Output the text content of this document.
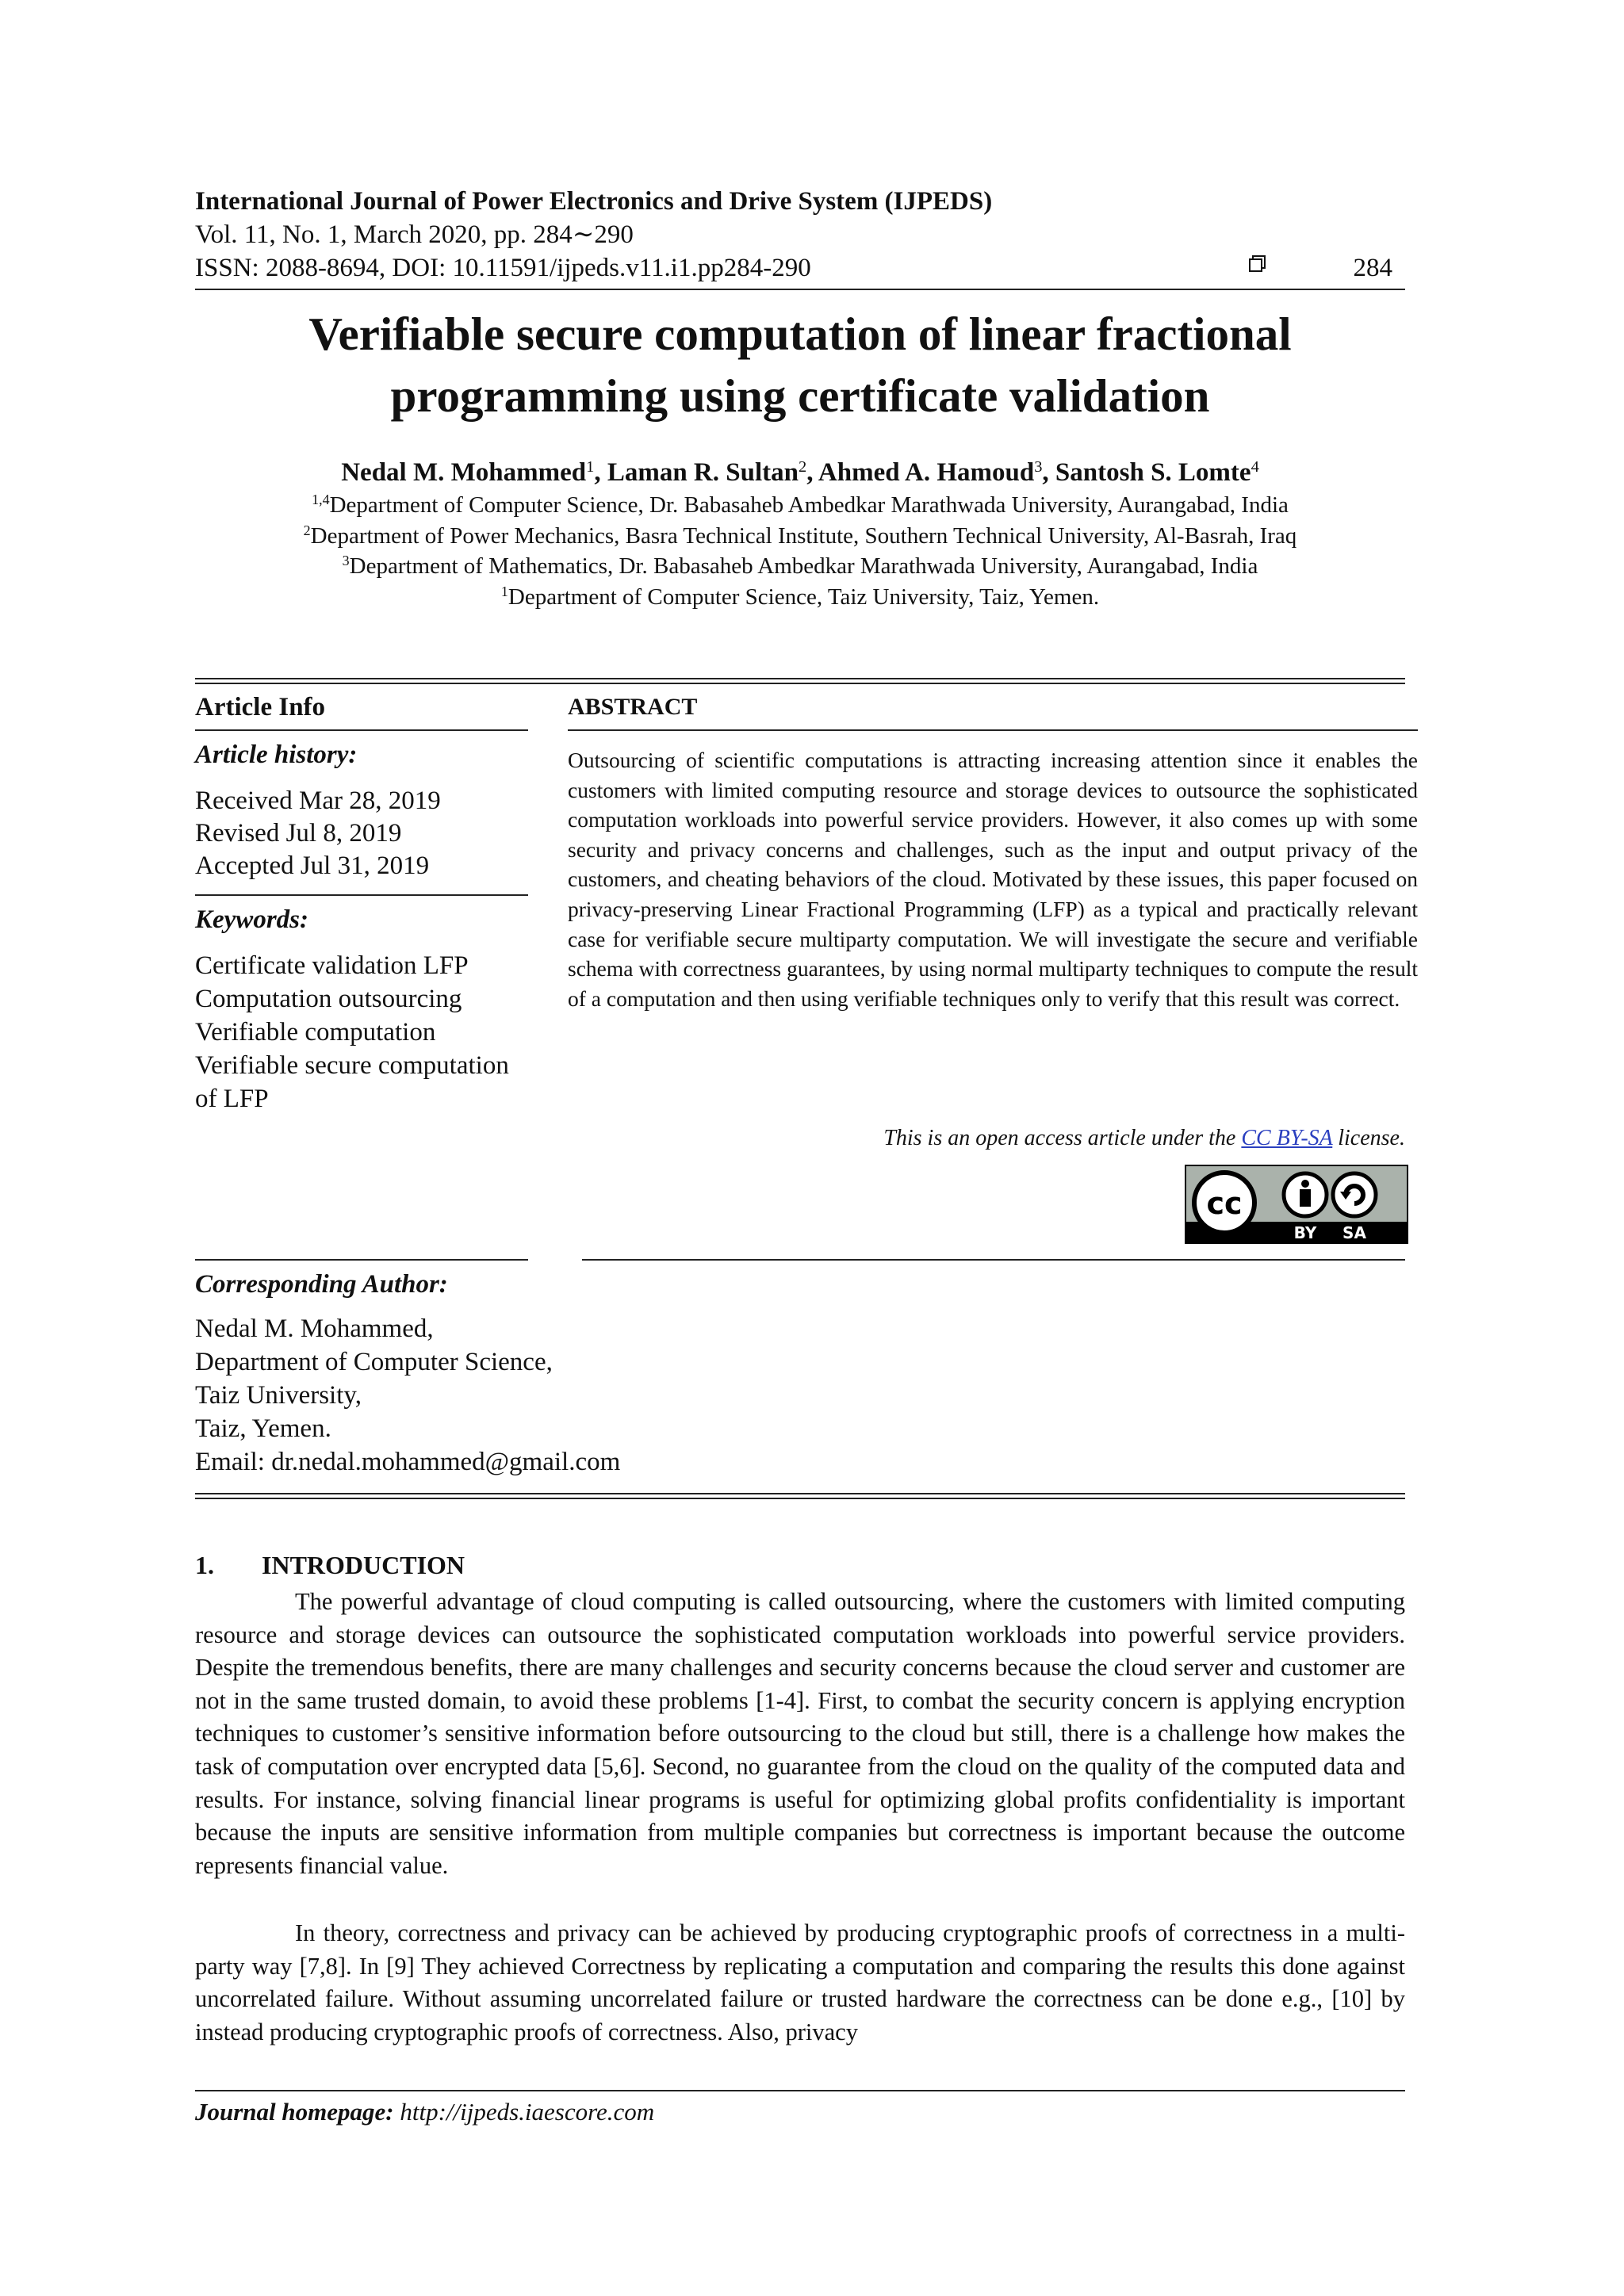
International Journal of Power Electronics and Drive System (IJPEDS)
Vol. 11, No. 1, March 2020, pp. 284∼290
ISSN: 2088-8694, DOI: 10.11591/ijpeds.v11.i1.pp284-290	284
Verifiable secure computation of linear fractional
programming using certificate validation
Nedal M. Mohammed$^1$, Laman R. Sultan$^2$, Ahmed A. Hamoud$^3$, Santosh S. Lomte$^4$
$^{1,4}$Department of Computer Science, Dr. Babasaheb Ambedkar Marathwada University, Aurangabad, India
$^2$Department of Power Mechanics, Basra Technical Institute, Southern Technical University, Al-Basrah, Iraq
$^3$Department of Mathematics, Dr. Babasaheb Ambedkar Marathwada University, Aurangabad, India
$^1$Department of Computer Science, Taiz University, Taiz, Yemen.
Article Info
Article history:
Received Mar 28, 2019
Revised Jul 8, 2019
Accepted Jul 31, 2019
Keywords:
Certificate validation LFP
Computation outsourcing
Verifiable computation
Verifiable secure computation
of LFP
ABSTRACT
Outsourcing of scientific computations is attracting increasing attention since it enables the customers with limited computing resource and storage devices to outsource the sophisticated computation workloads into powerful service providers. However, it also comes up with some security and privacy concerns and challenges, such as the input and output privacy of the customers, and cheating behaviors of the cloud. Motivated by these issues, this paper focused on privacy-preserving Linear Fractional Programming (LFP) as a typical and practically relevant case for verifiable secure multiparty computation. We will investigate the secure and verifiable schema with correctness guarantees, by using normal multiparty techniques to compute the result of a computation and then using verifiable techniques only to verify that this result was correct.
This is an open access article under the CC BY-SA license.
cc
BY SA
Corresponding Author:
Nedal M. Mohammed,
Department of Computer Science,
Taiz University,
Taiz, Yemen.
Email: dr.nedal.mohammed@gmail.com
1. INTRODUCTION
The powerful advantage of cloud computing is called outsourcing, where the customers with limited computing resource and storage devices can outsource the sophisticated computation workloads into powerful service providers. Despite the tremendous benefits, there are many challenges and security concerns because the cloud server and customer are not in the same trusted domain, to avoid these problems [1-4]. First, to combat the security concern is applying encryption techniques to customer’s sensitive information before outsourcing to the cloud but still, there is a challenge how makes the task of computation over encrypted data [5,6]. Second, no guarantee from the cloud on the quality of the computed data and results. For instance, solving financial linear programs is useful for optimizing global profits confidentiality is important because the inputs are sensitive information from multiple companies but correctness is important because the outcome represents financial value.
In theory, correctness and privacy can be achieved by producing cryptographic proofs of correctness in a multi-party way [7,8]. In [9] They achieved Correctness by replicating a computation and comparing the results this done against uncorrelated failure. Without assuming uncorrelated failure or trusted hardware the correctness can be done e.g., [10] by instead producing cryptographic proofs of correctness. Also, privacy
Journal homepage: http://ijpeds.iaescore.com
